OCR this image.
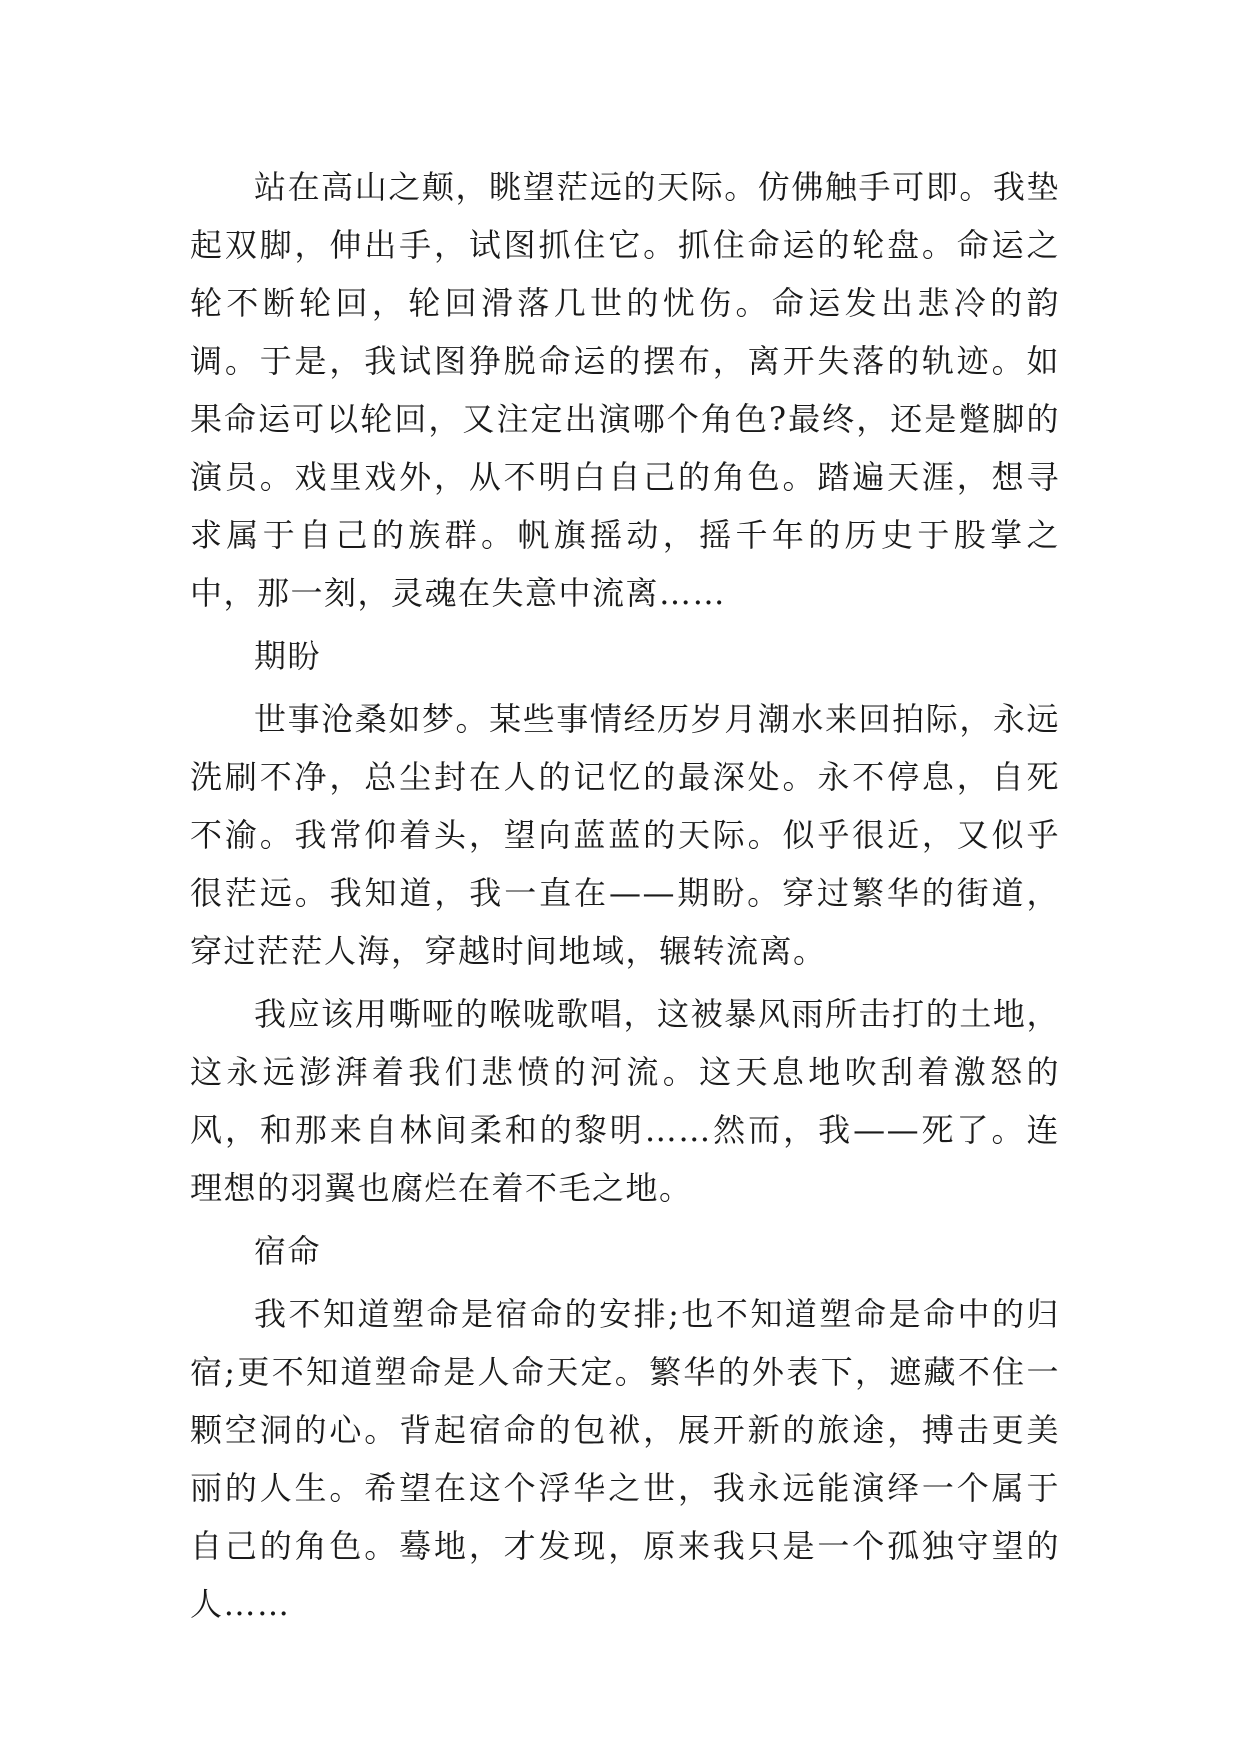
站在高山之颠，眺望茫远的天际。仿佛触手可即。我垫起双脚，伸出手，试图抓住它。抓住命运的轮盘。命运之轮不断轮回，轮回滑落几世的忧伤。命运发出悲冷的韵调。于是，我试图狰脱命运的摆布，离开失落的轨迹。如果命运可以轮回，又注定出演哪个角色?最终，还是蹩脚的演员。戏里戏外，从不明白自己的角色。踏遍天涯，想寻求属于自己的族群。帆旗摇动，摇千年的历史于股掌之中，那一刻，灵魂在失意中流离……

期盼

世事沧桑如梦。某些事情经历岁月潮水来回拍际，永远洗刷不净，总尘封在人的记忆的最深处。永不停息，自死不渝。我常仰着头，望向蓝蓝的天际。似乎很近，又似乎很茫远。我知道，我一直在——期盼。穿过繁华的街道，穿过茫茫人海，穿越时间地域，辗转流离。

我应该用嘶哑的喉咙歌唱，这被暴风雨所击打的土地，这永远澎湃着我们悲愤的河流。这天息地吹刮着激怒的风，和那来自林间柔和的黎明……然而，我——死了。连理想的羽翼也腐烂在着不毛之地。

宿命

我不知道塑命是宿命的安排;也不知道塑命是命中的归宿;更不知道塑命是人命天定。繁华的外表下，遮藏不住一颗空洞的心。背起宿命的包袱，展开新的旅途，搏击更美丽的人生。希望在这个浮华之世，我永远能演绎一个属于自己的角色。蓦地，才发现，原来我只是一个孤独守望的人……
